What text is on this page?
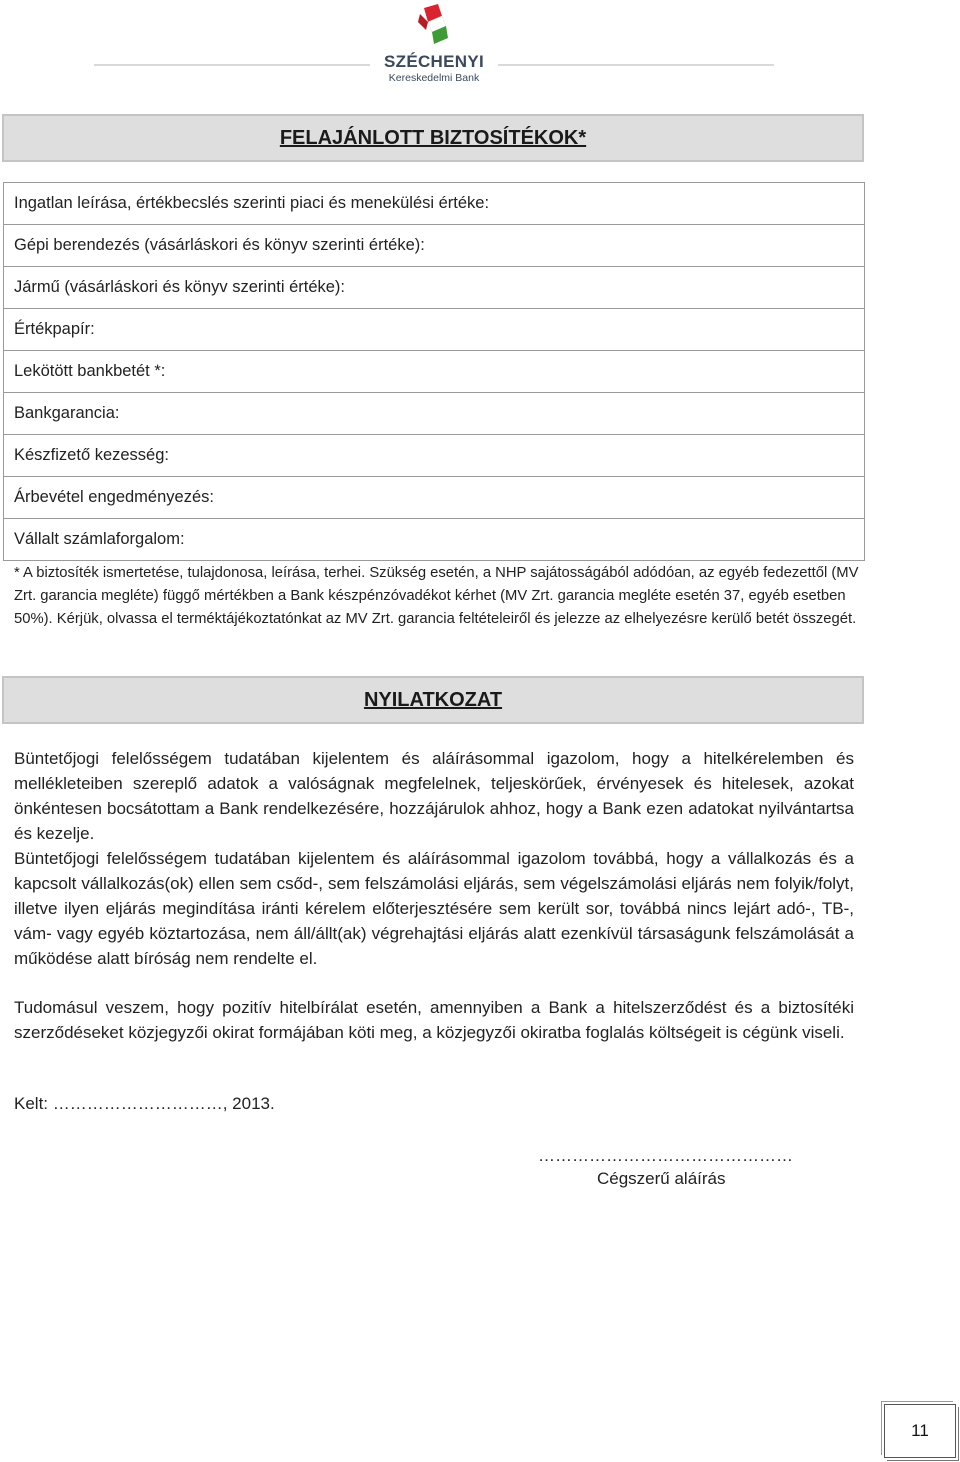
SZÉCHENYI
Kereskedelmi Bank
FELAJÁNLOTT BIZTOSÍTÉKOK*
Ingatlan leírása, értékbecslés szerinti piaci és menekülési értéke:
Gépi berendezés (vásárláskori és könyv szerinti értéke):
Jármű (vásárláskori és könyv szerinti értéke):
Értékpapír:
Lekötött bankbetét *:
Bankgarancia:
Készfizető kezesség:
Árbevétel engedményezés:
Vállalt számlaforgalom:
* A biztosíték ismertetése, tulajdonosa, leírása, terhei. Szükség esetén, a NHP sajátosságából adódóan, az egyéb fedezettől (MV Zrt. garancia megléte) függő mértékben a Bank készpénzóvadékot kérhet (MV Zrt. garancia megléte esetén 37, egyéb esetben 50%). Kérjük, olvassa el terméktájékoztatónkat az MV Zrt. garancia feltételeiről és jelezze az elhelyezésre kerülő betét összegét.
NYILATKOZAT
Büntetőjogi felelősségem tudatában kijelentem és aláírásommal igazolom, hogy a hitelkérelemben és mellékleteiben szereplő adatok a valóságnak megfelelnek, teljeskörűek, érvényesek és hitelesek, azokat önkéntesen bocsátottam a Bank rendelkezésére, hozzájárulok ahhoz, hogy a Bank ezen adatokat nyilvántartsa és kezelje.
Büntetőjogi felelősségem tudatában kijelentem és aláírásommal igazolom továbbá, hogy a vállalkozás és a kapcsolt vállalkozás(ok) ellen sem csőd-, sem felszámolási eljárás, sem végelszámolási eljárás nem folyik/folyt, illetve ilyen eljárás megindítása iránti kérelem előterjesztésére sem került sor, továbbá nincs lejárt adó-, TB-, vám- vagy egyéb köztartozása, nem áll/állt(ak) végrehajtási eljárás alatt ezenkívül társaságunk felszámolását a működése alatt bíróság nem rendelte el.
Tudomásul veszem, hogy pozitív hitelbírálat esetén, amennyiben a Bank a hitelszerződést és a biztosítéki szerződéseket közjegyzői okirat formájában köti meg, a közjegyzői okiratba foglalás költségeit is cégünk viseli.
Kelt: …………………………, 2013.
………………………………………
Cégszerű aláírás
11
